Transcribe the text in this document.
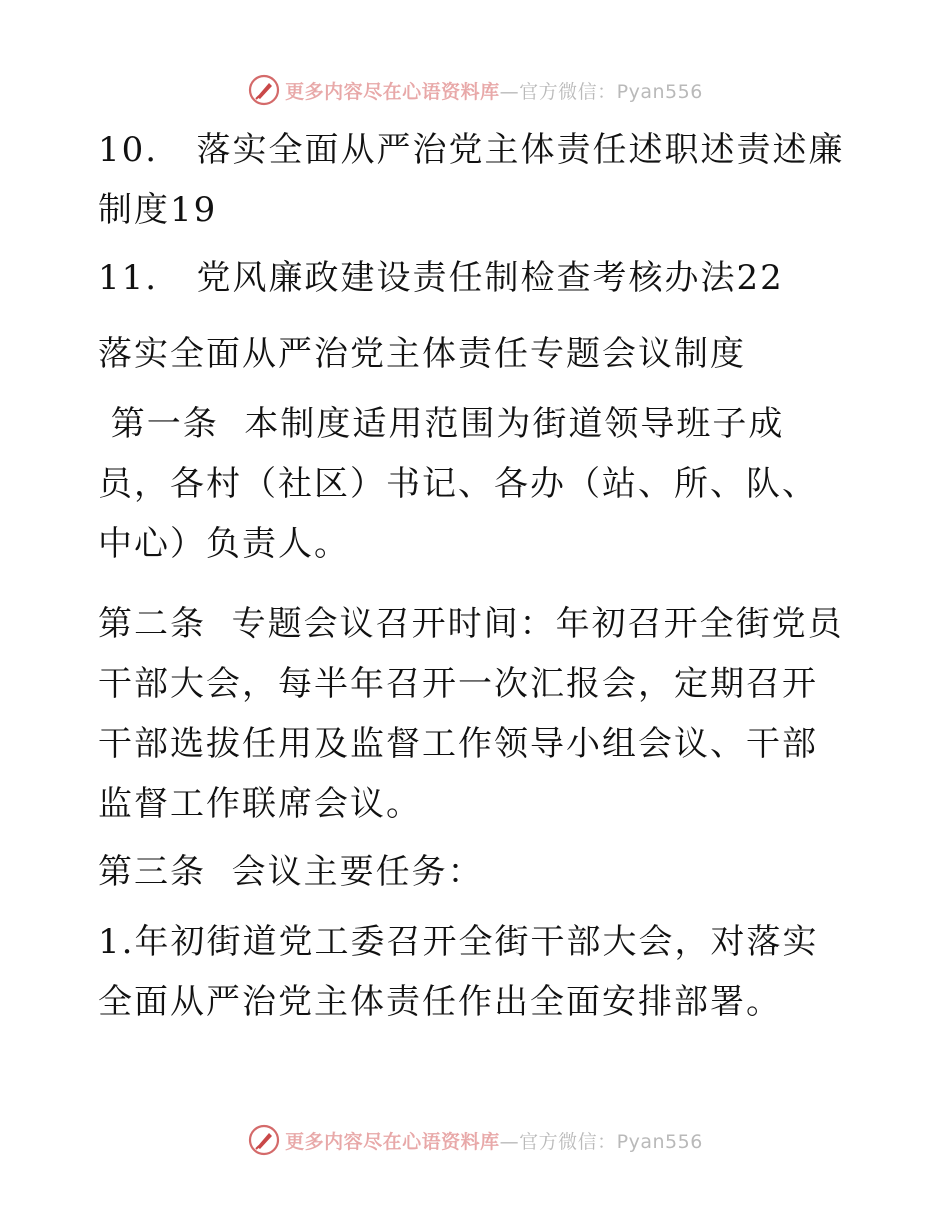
更多内容尽在心语资料库 —官方微信：Pyan556

10.   落实全面从严治党主体责任述职述责述廉制度19

11.   党风廉政建设责任制检查考核办法22

落实全面从严治党主体责任专题会议制度

第一条  本制度适用范围为街道领导班子成员，各村（社区）书记、各办（站、所、队、中心）负责人。

第二条  专题会议召开时间：年初召开全街党员干部大会，每半年召开一次汇报会，定期召开干部选拔任用及监督工作领导小组会议、干部监督工作联席会议。

第三条  会议主要任务：

1.年初街道党工委召开全街干部大会，对落实全面从严治党主体责任作出全面安排部署。

更多内容尽在心语资料库 —官方微信：Pyan556
